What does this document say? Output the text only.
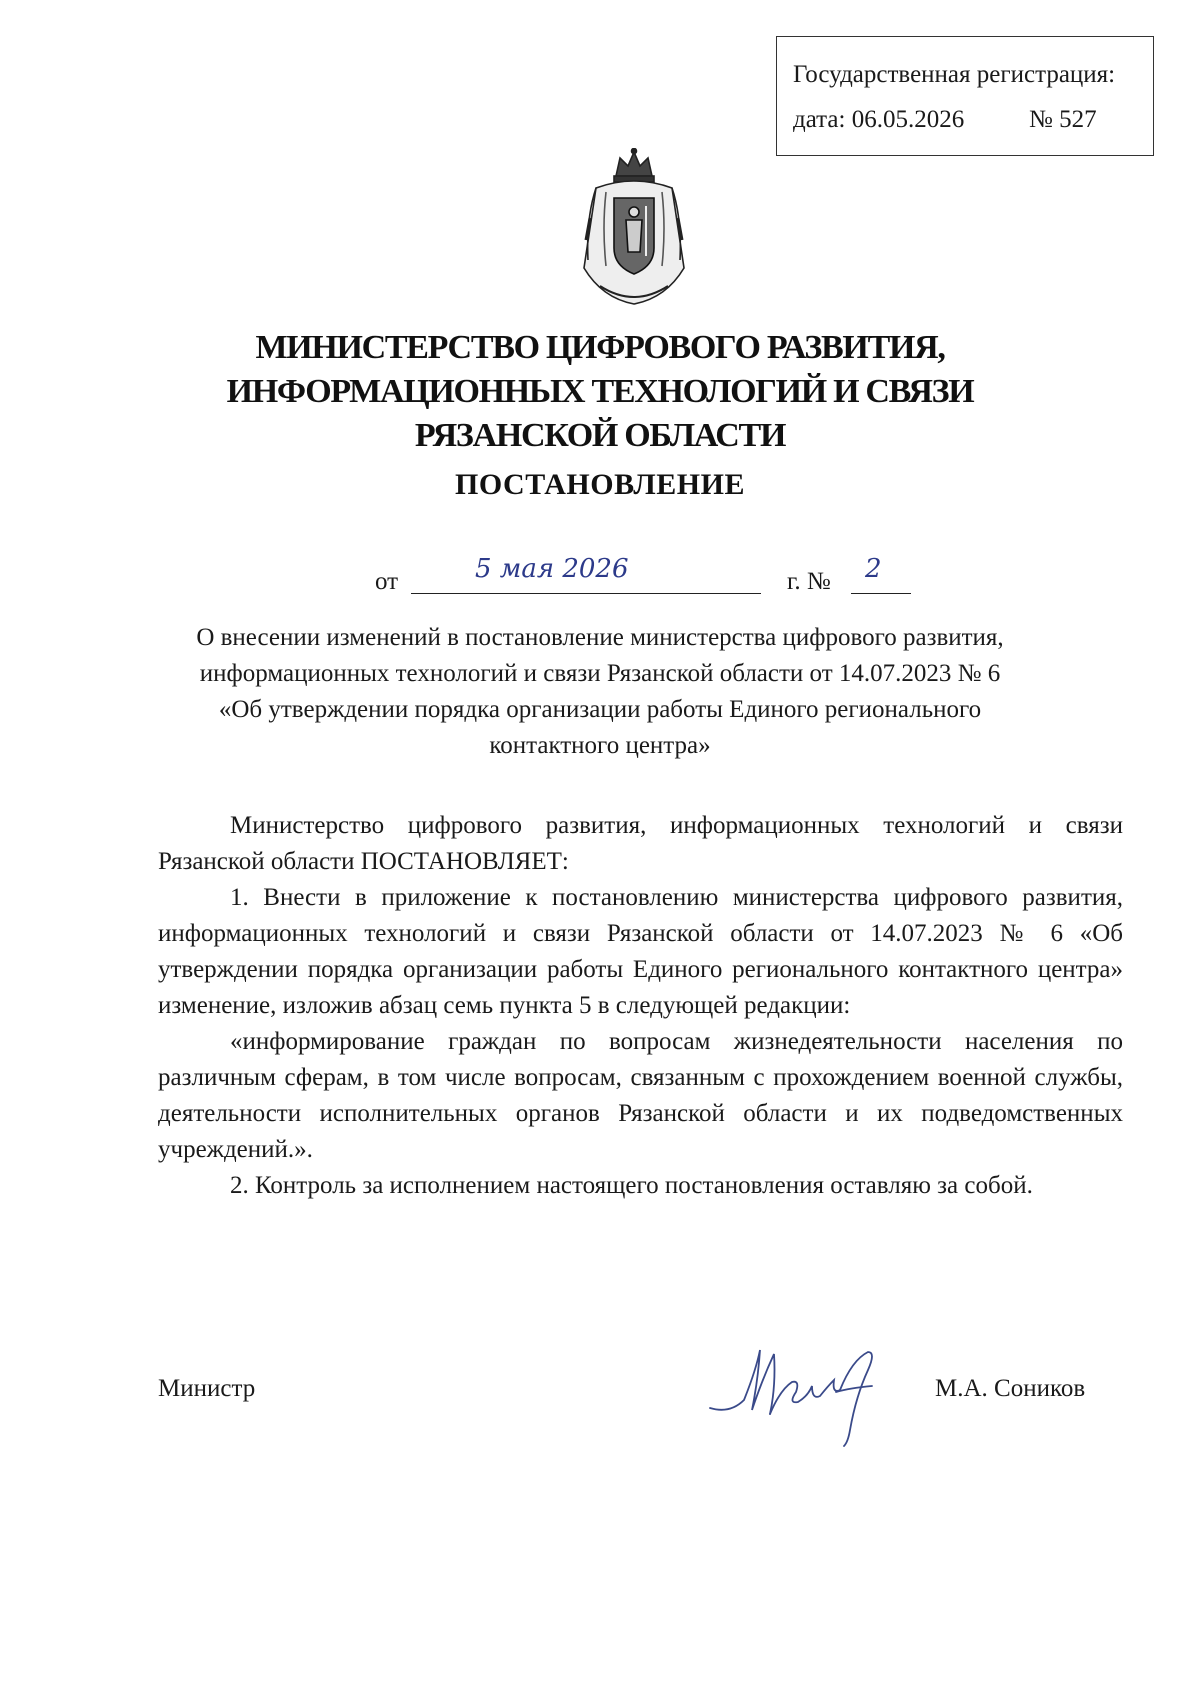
Государственная регистрация:
дата: 06.05.2026	№ 527
МИНИСТЕРСТВО ЦИФРОВОГО РАЗВИТИЯ,
ИНФОРМАЦИОННЫХ ТЕХНОЛОГИЙ И СВЯЗИ
РЯЗАНСКОЙ ОБЛАСТИ
ПОСТАНОВЛЕНИЕ
от	5 мая 2026	г. № 2

О внесении изменений в постановление министерства цифрового развития,
информационных технологий и связи Рязанской области от 14.07.2023 № 6
«Об утверждении порядка организации работы Единого регионального
контактного центра»

Министерство цифрового развития, информационных технологий и связи Рязанской области ПОСТАНОВЛЯЕТ:

1. Внести в приложение к постановлению министерства цифрового развития, информационных технологий и связи Рязанской области от 14.07.2023 № 6 «Об утверждении порядка организации работы Единого регионального контактного центра» изменение, изложив абзац семь пункта 5 в следующей редакции:

«информирование граждан по вопросам жизнедеятельности населения по различным сферам, в том числе вопросам, связанным с прохождением военной службы, деятельности исполнительных органов Рязанской области и их подведомственных учреждений.».

2. Контроль за исполнением настоящего постановления оставляю за собой.

Министр	М.А. Соников
